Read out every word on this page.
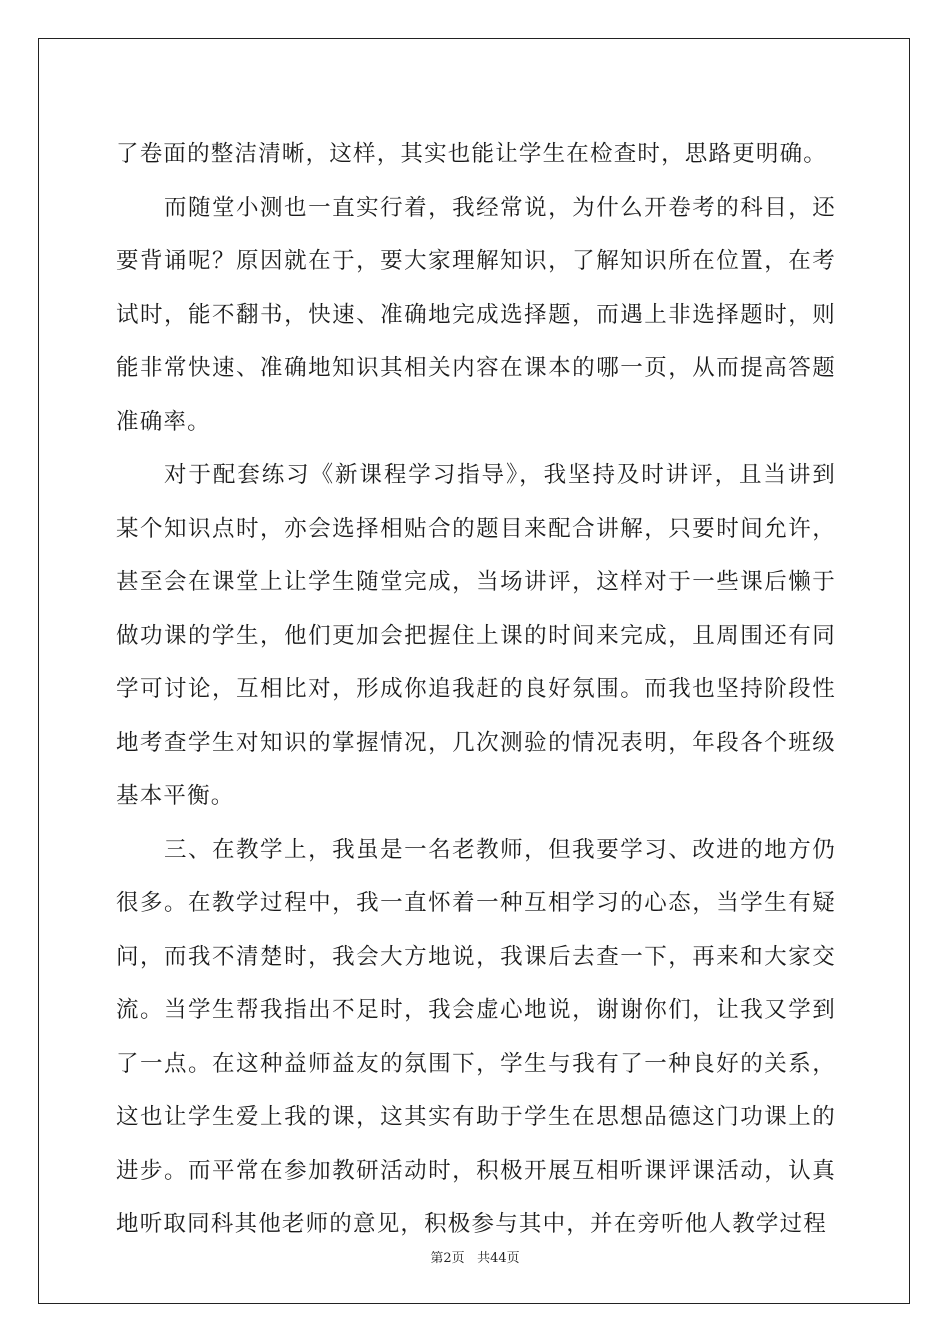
了卷面的整洁清晰，这样，其实也能让学生在检查时，思路更明确。

而随堂小测也一直实行着，我经常说，为什么开卷考的科目，还要背诵呢？原因就在于，要大家理解知识，了解知识所在位置，在考试时，能不翻书，快速、准确地完成选择题，而遇上非选择题时，则能非常快速、准确地知识其相关内容在课本的哪一页，从而提高答题准确率。

对于配套练习《新课程学习指导》，我坚持及时讲评，且当讲到某个知识点时，亦会选择相贴合的题目来配合讲解，只要时间允许，甚至会在课堂上让学生随堂完成，当场讲评，这样对于一些课后懒于做功课的学生，他们更加会把握住上课的时间来完成，且周围还有同学可讨论，互相比对，形成你追我赶的良好氛围。而我也坚持阶段性地考查学生对知识的掌握情况，几次测验的情况表明，年段各个班级基本平衡。

三、在教学上，我虽是一名老教师，但我要学习、改进的地方仍很多。在教学过程中，我一直怀着一种互相学习的心态，当学生有疑问，而我不清楚时，我会大方地说，我课后去查一下，再来和大家交流。当学生帮我指出不足时，我会虚心地说，谢谢你们，让我又学到了一点。在这种益师益友的氛围下，学生与我有了一种良好的关系，这也让学生爱上我的课，这其实有助于学生在思想品德这门功课上的进步。而平常在参加教研活动时，积极开展互相听课评课活动，认真地听取同科其他老师的意见，积极参与其中，并在旁听他人教学过程

第2页 共44页
